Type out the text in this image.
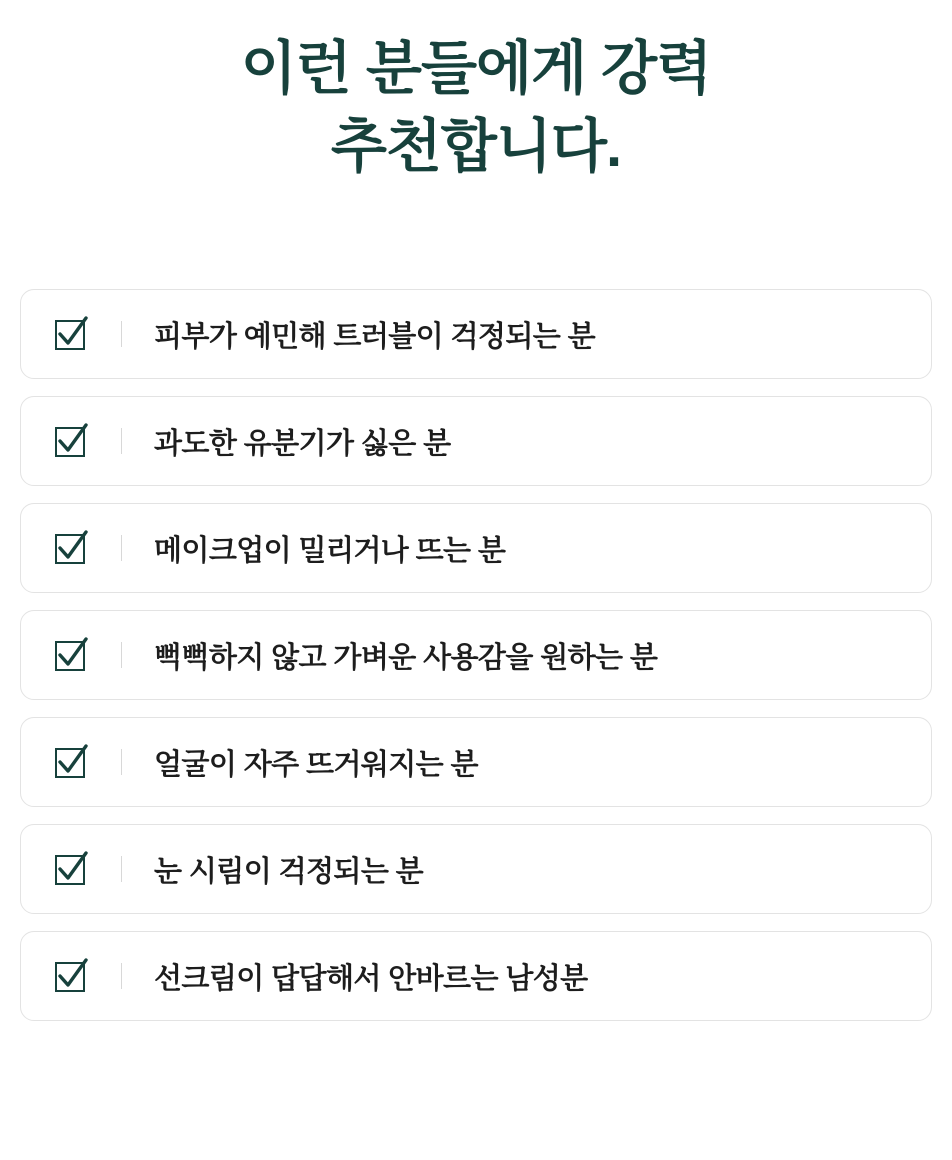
이런 분들에게 강력
추천합니다.
피부가 예민해 트러블이 걱정되는 분
과도한 유분기가 싫은 분
메이크업이 밀리거나 뜨는 분
뻑뻑하지 않고 가벼운 사용감을 원하는 분
얼굴이 자주 뜨거워지는 분
눈 시림이 걱정되는 분
선크림이 답답해서 안바르는 남성분
